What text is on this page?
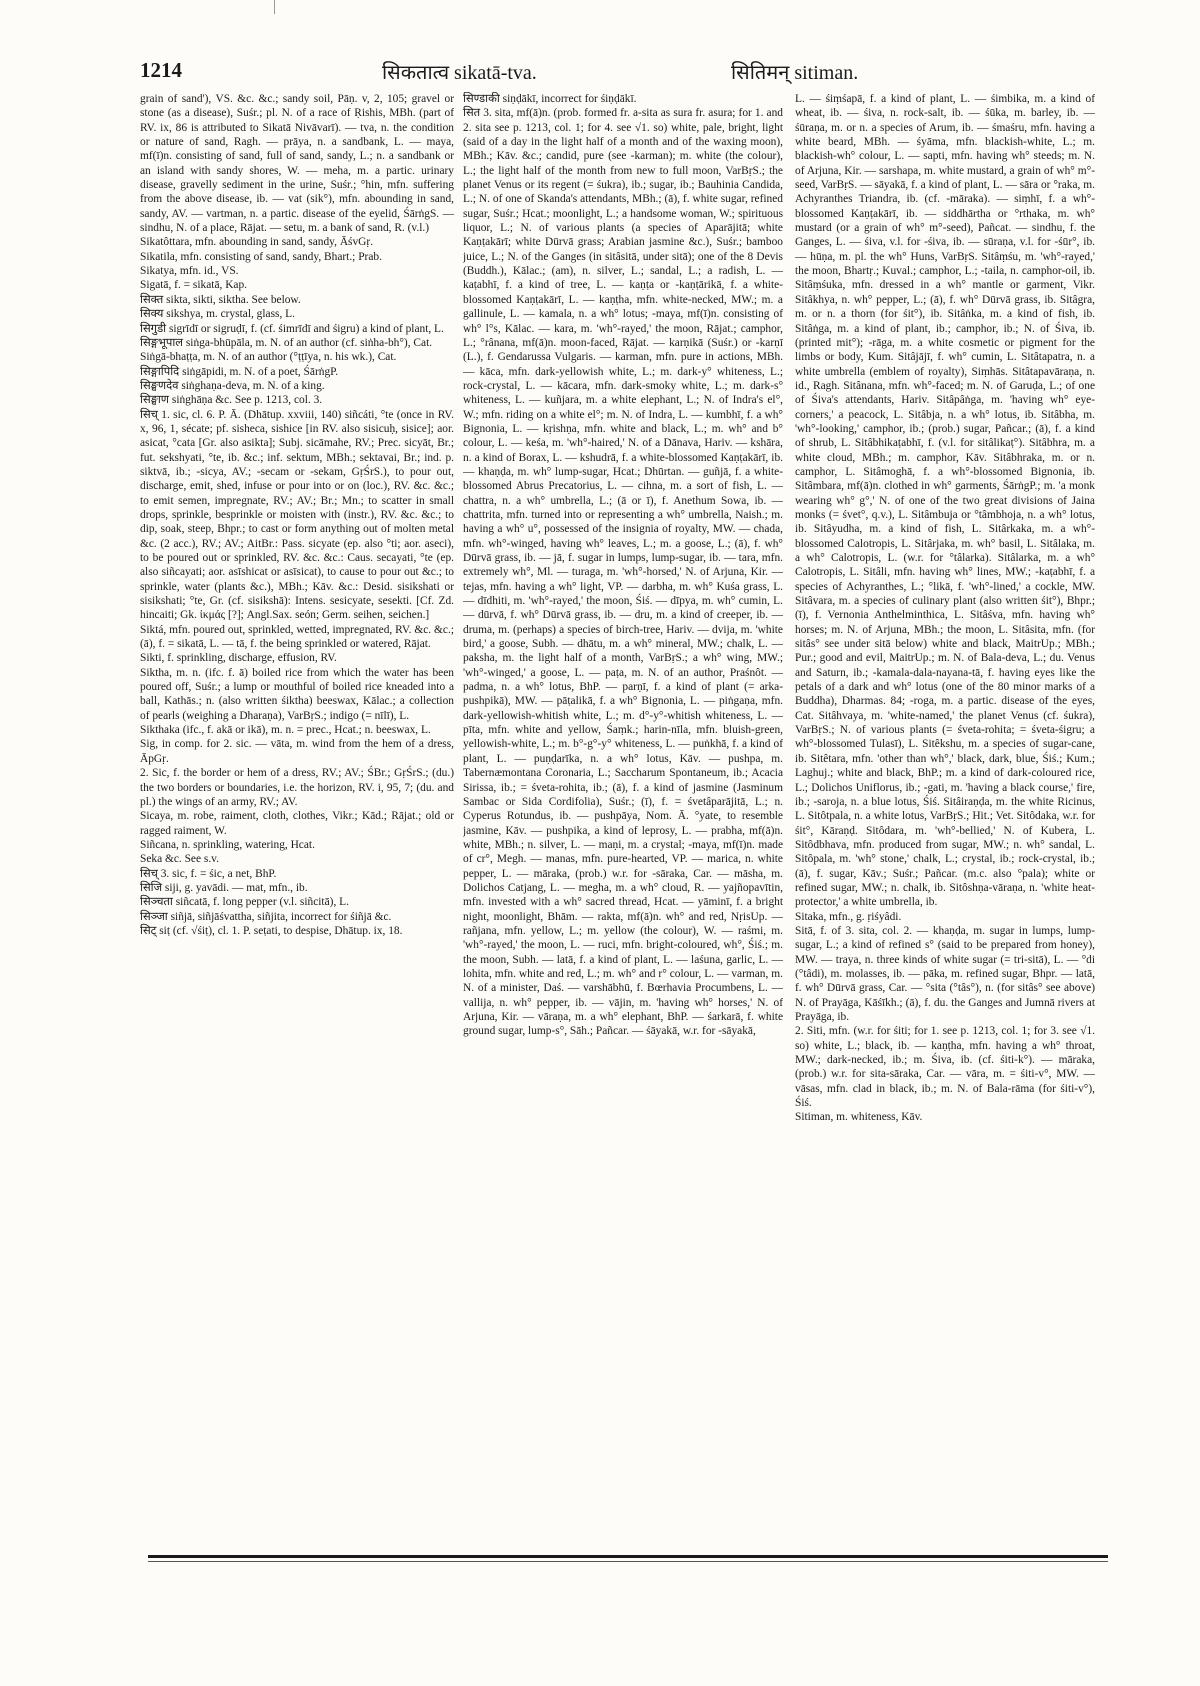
1214	सिकतात्व sikatā-tva.	सितिमन् sitiman.

grain of sand'), VS. &c. &c.; sandy soil, Pāṇ. v, 2, 105; gravel or stone (as a disease), Suśr.; pl. N. of a race of Ṛishis, MBh. (part of RV. ix, 86 is attributed to Sikatā Nivāvarī). — tva, n. the condition or nature of sand, Ragh. — prāya, n. a sandbank, L. — maya, mf(ī)n. consisting of sand, full of sand, sandy, L.; n. a sandbank or an island with sandy shores, W. — meha, m. a partic. urinary disease, gravelly sediment in the urine, Suśr.; °hin, mfn. suffering from the above disease, ib. — vat (sik°), mfn. abounding in sand, sandy, AV. — vartman, n. a partic. disease of the eyelid, ŚārṅgS. — sindhu, N. of a place, Rājat. — setu, m. a bank of sand, R. (v.l.)

Sikatôttara, mfn. abounding in sand, sandy, ĀśvGṛ.

Sikatila, mfn. consisting of sand, sandy, Bhart.; Prab.

Sikatya, mfn. id., VS.

Sigatā, f. = sikatā, Kap.

सिक्त sikta, sikti, siktha. See below.

सिक्य sikshya, m. crystal, glass, L.

सिगुडी sigrīdī or sigruḍī, f. (cf. śimrīdī and śigru) a kind of plant, L.

सिङ्गभूपाल siṅga-bhūpāla, m. N. of an author (cf. siṅha-bh°), Cat.

Siṅgā-bhaṭṭa, m. N. of an author (°ṭṭīya, n. his wk.), Cat.

सिङ्गापिदि siṅgāpidi, m. N. of a poet, ŚārṅgP.

सिङ्घणदेव siṅghaṇa-deva, m. N. of a king.

सिङ्घाण siṅghāṇa &c. See p. 1213, col. 3.

सिच् 1. sic, cl. 6. P. Ā. (Dhātup. xxviii, 140) siñcáti, °te (once in RV. x, 96, 1, sécate; pf. sisheca, sishice [in RV. also sisicuḥ, sisice]; aor. asicat, °cata [Gr. also asikta]; Subj. sicāmahe, RV.; Prec. sicyāt, Br.; fut. sekshyati, °te, ib. &c.; inf. sektum, MBh.; sektavai, Br.; ind. p. siktvā, ib.; -sicya, AV.; -secam or -sekam, GṛŚrS.), to pour out, discharge, emit, shed, infuse or pour into or on (loc.), RV. &c. &c.; to emit semen, impregnate, RV.; AV.; Br.; Mn.; to scatter in small drops, sprinkle, besprinkle or moisten with (instr.), RV. &c. &c.; to dip, soak, steep, Bhpr.; to cast or form anything out of molten metal &c. (2 acc.), RV.; AV.; AitBr.: Pass. sicyate (ep. also °ti; aor. aseci), to be poured out or sprinkled, RV. &c. &c.: Caus. secayati, °te (ep. also siñcayati; aor. asīshicat or asīsicat), to cause to pour out &c.; to sprinkle, water (plants &c.), MBh.; Kāv. &c.: Desid. sisikshati or sisikshati; °te, Gr. (cf. sisikshā): Intens. sesicyate, sesekti. [Cf. Zd. hincaiti; Gk. ἰκμάς [?]; Angl.Sax. seón; Germ. seihen, seichen.]

Siktá, mfn. poured out, sprinkled, wetted, impregnated, RV. &c. &c.; (ā), f. = sikatā, L. — tā, f. the being sprinkled or watered, Rājat.

Sikti, f. sprinkling, discharge, effusion, RV.

Siktha, m. n. (ifc. f. ā) boiled rice from which the water has been poured off, Suśr.; a lump or mouthful of boiled rice kneaded into a ball, Kathās.; n. (also written śiktha) beeswax, Kālac.; a collection of pearls (weighing a Dharaṇa), VarBṛS.; indigo (= nīlī), L.

Sikthaka (ifc., f. akā or ikā), m. n. = prec., Hcat.; n. beeswax, L.

Sig, in comp. for 2. sic. — vāta, m. wind from the hem of a dress, ĀpGṛ.

2. Sic, f. the border or hem of a dress, RV.; AV.; ŚBr.; GṛŚrS.; (du.) the two borders or boundaries, i.e. the horizon, RV. i, 95, 7; (du. and pl.) the wings of an army, RV.; AV.

Sicaya, m. robe, raiment, cloth, clothes, Vikr.; Kād.; Rājat.; old or ragged raiment, W.

Siñcana, n. sprinkling, watering, Hcat.

Seka &c. See s.v.

सिच् 3. sic, f. = śic, a net, BhP.

सिजि siji, g. yavādi. — mat, mfn., ib.

सिञ्चता siñcatā, f. long pepper (v.l. siñcitā), L.

सिञ्जा siñjā, siñjāśvattha, siñjita, incorrect for śiñjā &c.

सिट् siṭ (cf. √śiṭ), cl. 1. P. seṭati, to despise, Dhātup. ix, 18.

सिण्डाकी siṇḍākī, incorrect for śiṇḍākī.

सित 3. sita, mf(ā)n. (prob. formed fr. a-sita as sura fr. asura; for 1. and 2. sita see p. 1213, col. 1; for 4. see √1. so) white, pale, bright, light (said of a day in the light half of a month and of the waxing moon), MBh.; Kāv. &c.; candid, pure (see -karman); m. white (the colour), L.; the light half of the month from new to full moon, VarBṛS.; the planet Venus or its regent (= śukra), ib.; sugar, ib.; Bauhinia Candida, L.; N. of one of Skanda's attendants, MBh.; (ā), f. white sugar, refined sugar, Suśr.; Hcat.; moonlight, L.; a handsome woman, W.; spirituous liquor, L.; N. of various plants (a species of Aparājitā; white Kaṇṭakārī; white Dūrvā grass; Arabian jasmine &c.), Suśr.; bamboo juice, L.; N. of the Ganges (in sitâsitā, under sitā); one of the 8 Devis (Buddh.), Kālac.; (am), n. silver, L.; sandal, L.; a radish, L. — kaṭabhī, f. a kind of tree, L. — kaṇṭa or -kaṇṭārikā, f. a white-blossomed Kaṇṭakārī, L. — kaṇṭha, mfn. white-necked, MW.; m. a gallinule, L. — kamala, n. a wh° lotus; -maya, mf(ī)n. consisting of wh° l°s, Kālac. — kara, m. 'wh°-rayed,' the moon, Rājat.; camphor, L.; °rânana, mf(ā)n. moon-faced, Rājat. — karṇikā (Suśr.) or -karṇī (L.), f. Gendarussa Vulgaris. — karman, mfn. pure in actions, MBh. — kāca, mfn. dark-yellowish white, L.; m. dark-y° whiteness, L.; rock-crystal, L. — kācara, mfn. dark-smoky white, L.; m. dark-s° whiteness, L. — kuñjara, m. a white elephant, L.; N. of Indra's el°, W.; mfn. riding on a white el°; m. N. of Indra, L. — kumbhī, f. a wh° Bignonia, L. — kṛishṇa, mfn. white and black, L.; m. wh° and b° colour, L. — keśa, m. 'wh°-haired,' N. of a Dānava, Hariv. — kshāra, n. a kind of Borax, L. — kshudrā, f. a white-blossomed Kaṇṭakārī, ib. — khaṇḍa, m. wh° lump-sugar, Hcat.; Dhūrtan. — guñjā, f. a white-blossomed Abrus Precatorius, L. — cihna, m. a sort of fish, L. — chattra, n. a wh° umbrella, L.; (ā or ī), f. Anethum Sowa, ib. — chattrita, mfn. turned into or representing a wh° umbrella, Naish.; m. having a wh° u°, possessed of the insignia of royalty, MW. — chada, mfn. wh°-winged, having wh° leaves, L.; m. a goose, L.; (ā), f. wh° Dūrvā grass, ib. — jā, f. sugar in lumps, lump-sugar, ib. — tara, mfn. extremely wh°, Ml. — turaga, m. 'wh°-horsed,' N. of Arjuna, Kir. — tejas, mfn. having a wh° light, VP. — darbha, m. wh° Kuśa grass, L. — dīdhiti, m. 'wh°-rayed,' the moon, Śiś. — dīpya, m. wh° cumin, L. — dūrvā, f. wh° Dūrvā grass, ib. — dru, m. a kind of creeper, ib. — druma, m. (perhaps) a species of birch-tree, Hariv. — dvija, m. 'white bird,' a goose, Subh. — dhātu, m. a wh° mineral, MW.; chalk, L. — paksha, m. the light half of a month, VarBṛS.; a wh° wing, MW.; 'wh°-winged,' a goose, L. — paṭa, m. N. of an author, Praśnôt. — padma, n. a wh° lotus, BhP. — parṇī, f. a kind of plant (= arka-pushpikā), MW. — pāṭalikā, f. a wh° Bignonia, L. — piṅgaṇa, mfn. dark-yellowish-whitish white, L.; m. d°-y°-whitish whiteness, L. — pīta, mfn. white and yellow, Śaṃk.; harin-nīla, mfn. bluish-green, yellowish-white, L.; m. b°-g°-y° whiteness, L. — puṅkhā, f. a kind of plant, L. — puṇḍarīka, n. a wh° lotus, Kāv. — pushpa, m. Tabernæmontana Coronaria, L.; Saccharum Spontaneum, ib.; Acacia Sirissa, ib.; = śveta-rohita, ib.; (ā), f. a kind of jasmine (Jasminum Sambac or Sida Cordifolia), Suśr.; (ī), f. = śvetâparājitā, L.; n. Cyperus Rotundus, ib. — pushpāya, Nom. Ā. °yate, to resemble jasmine, Kāv. — pushpika, a kind of leprosy, L. — prabha, mf(ā)n. white, MBh.; n. silver, L. — maṇi, m. a crystal; -maya, mf(ī)n. made of cr°, Megh. — manas, mfn. pure-hearted, VP. — marica, n. white pepper, L. — māraka, (prob.) w.r. for -sāraka, Car. — māsha, m. Dolichos Catjang, L. — megha, m. a wh° cloud, R. — yajñopavītin, mfn. invested with a wh° sacred thread, Hcat. — yāminī, f. a bright night, moonlight, Bhām. — rakta, mf(ā)n. wh° and red, NṛisUp. — rañjana, mfn. yellow, L.; m. yellow (the colour), W. — raśmi, m. 'wh°-rayed,' the moon, L. — ruci, mfn. bright-coloured, wh°, Śiś.; m. the moon, Subh. — latā, f. a kind of plant, L. — laśuna, garlic, L. — lohita, mfn. white and red, L.; m. wh° and r° colour, L. — varman, m. N. of a minister, Daś. — varshābhū, f. Bœrhavia Procumbens, L. — vallija, n. wh° pepper, ib. — vājin, m. 'having wh° horses,' N. of Arjuna, Kir. — vāraṇa, m. a wh° elephant, BhP. — śarkarā, f. white ground sugar, lump-s°, Sāh.; Pañcar. — śāyakā, w.r. for -sāyakā,

L. — śiṃśapā, f. a kind of plant, L. — śimbika, m. a kind of wheat, ib. — śiva, n. rock-salt, ib. — śūka, m. barley, ib. — śūraṇa, m. or n. a species of Arum, ib. — śmaśru, mfn. having a white beard, MBh. — śyāma, mfn. blackish-white, L.; m. blackish-wh° colour, L. — sapti, mfn. having wh° steeds; m. N. of Arjuna, Kir. — sarshapa, m. white mustard, a grain of wh° m°-seed, VarBṛS. — sāyakā, f. a kind of plant, L. — sāra or °raka, m. Achyranthes Triandra, ib. (cf. -māraka). — siṃhī, f. a wh°-blossomed Kaṇṭakārī, ib. — siddhārtha or °rthaka, m. wh° mustard (or a grain of wh° m°-seed), Pañcat. — sindhu, f. the Ganges, L. — śiva, v.l. for -śiva, ib. — sūraṇa, v.l. for -śūr°, ib. — hūṇa, m. pl. the wh° Huns, VarBṛS. Sitâṃśu, m. 'wh°-rayed,' the moon, Bhartṛ.; Kuval.; camphor, L.; -taila, n. camphor-oil, ib. Sitâṃśuka, mfn. dressed in a wh° mantle or garment, Vikr. Sitâkhya, n. wh° pepper, L.; (ā), f. wh° Dūrvā grass, ib. Sitâgra, m. or n. a thorn (for śit°), ib. Sitâṅka, m. a kind of fish, ib. Sitâṅga, m. a kind of plant, ib.; camphor, ib.; N. of Śiva, ib. (printed mit°); -rāga, m. a white cosmetic or pigment for the limbs or body, Kum. Sitâjājī, f. wh° cumin, L. Sitâtapatra, n. a white umbrella (emblem of royalty), Siṃhās. Sitâtapavāraṇa, n. id., Ragh. Sitânana, mfn. wh°-faced; m. N. of Garuḍa, L.; of one of Śiva's attendants, Hariv. Sitâpâṅga, m. 'having wh° eye-corners,' a peacock, L. Sitâbja, n. a wh° lotus, ib. Sitâbha, m. 'wh°-looking,' camphor, ib.; (prob.) sugar, Pañcar.; (ā), f. a kind of shrub, L. Sitâbhikaṭabhī, f. (v.l. for sitâlikaṭ°). Sitâbhra, m. a white cloud, MBh.; m. camphor, Kāv. Sitâbhraka, m. or n. camphor, L. Sitâmoghā, f. a wh°-blossomed Bignonia, ib. Sitâmbara, mf(ā)n. clothed in wh° garments, ŚārṅgP.; m. 'a monk wearing wh° g°,' N. of one of the two great divisions of Jaina monks (= śvet°, q.v.), L. Sitâmbuja or °tâmbhoja, n. a wh° lotus, ib. Sitâyudha, m. a kind of fish, L. Sitârkaka, m. a wh°-blossomed Calotropis, L. Sitârjaka, m. wh° basil, L. Sitâlaka, m. a wh° Calotropis, L. (w.r. for °tâlarka). Sitâlarka, m. a wh° Calotropis, L. Sitâli, mfn. having wh° lines, MW.; -kaṭabhī, f. a species of Achyranthes, L.; °likā, f. 'wh°-lined,' a cockle, MW. Sitâvara, m. a species of culinary plant (also written śit°), Bhpr.; (ī), f. Vernonia Anthelminthica, L. Sitâśva, mfn. having wh° horses; m. N. of Arjuna, MBh.; the moon, L. Sitâsita, mfn. (for sitâs° see under sitā below) white and black, MaitrUp.; MBh.; Pur.; good and evil, MaitrUp.; m. N. of Bala-deva, L.; du. Venus and Saturn, ib.; -kamala-dala-nayana-tā, f. having eyes like the petals of a dark and wh° lotus (one of the 80 minor marks of a Buddha), Dharmas. 84; -roga, m. a partic. disease of the eyes, Cat. Sitâhvaya, m. 'white-named,' the planet Venus (cf. śukra), VarBṛS.; N. of various plants (= śveta-rohita; = śveta-śigru; a wh°-blossomed Tulasī), L. Sitêkshu, m. a species of sugar-cane, ib. Sitêtara, mfn. 'other than wh°,' black, dark, blue, Śiś.; Kum.; Laghuj.; white and black, BhP.; m. a kind of dark-coloured rice, L.; Dolichos Uniflorus, ib.; -gati, m. 'having a black course,' fire, ib.; -saroja, n. a blue lotus, Śiś. Sitâiraṇḍa, m. the white Ricinus, L. Sitôtpala, n. a white lotus, VarBṛS.; Hit.; Vet. Sitôdaka, w.r. for śit°, Kāraṇḍ. Sitôdara, m. 'wh°-bellied,' N. of Kubera, L. Sitôdbhava, mfn. produced from sugar, MW.; n. wh° sandal, L. Sitôpala, m. 'wh° stone,' chalk, L.; crystal, ib.; rock-crystal, ib.; (ā), f. sugar, Kāv.; Suśr.; Pañcar. (m.c. also °pala); white or refined sugar, MW.; n. chalk, ib. Sitôshṇa-vāraṇa, n. 'white heat-protector,' a white umbrella, ib.

Sitaka, mfn., g. ṛiśyâdi.

Sitā, f. of 3. sita, col. 2. — khaṇḍa, m. sugar in lumps, lump-sugar, L.; a kind of refined s° (said to be prepared from honey), MW. — traya, n. three kinds of white sugar (= tri-sitā), L. — °di (°tâdi), m. molasses, ib. — pāka, m. refined sugar, Bhpr. — latā, f. wh° Dūrvā grass, Car. — °sita (°tâs°), n. (for sitâs° see above) N. of Prayāga, Kāśīkh.; (ā), f. du. the Ganges and Jumnā rivers at Prayāga, ib.

2. Siti, mfn. (w.r. for śiti; for 1. see p. 1213, col. 1; for 3. see √1. so) white, L.; black, ib. — kaṇṭha, mfn. having a wh° throat, MW.; dark-necked, ib.; m. Śiva, ib. (cf. śiti-k°). — māraka, (prob.) w.r. for sita-sāraka, Car. — vāra, m. = śiti-v°, MW. — vāsas, mfn. clad in black, ib.; m. N. of Bala-rāma (for śiti-v°), Śiś.

Sitiman, m. whiteness, Kāv.
